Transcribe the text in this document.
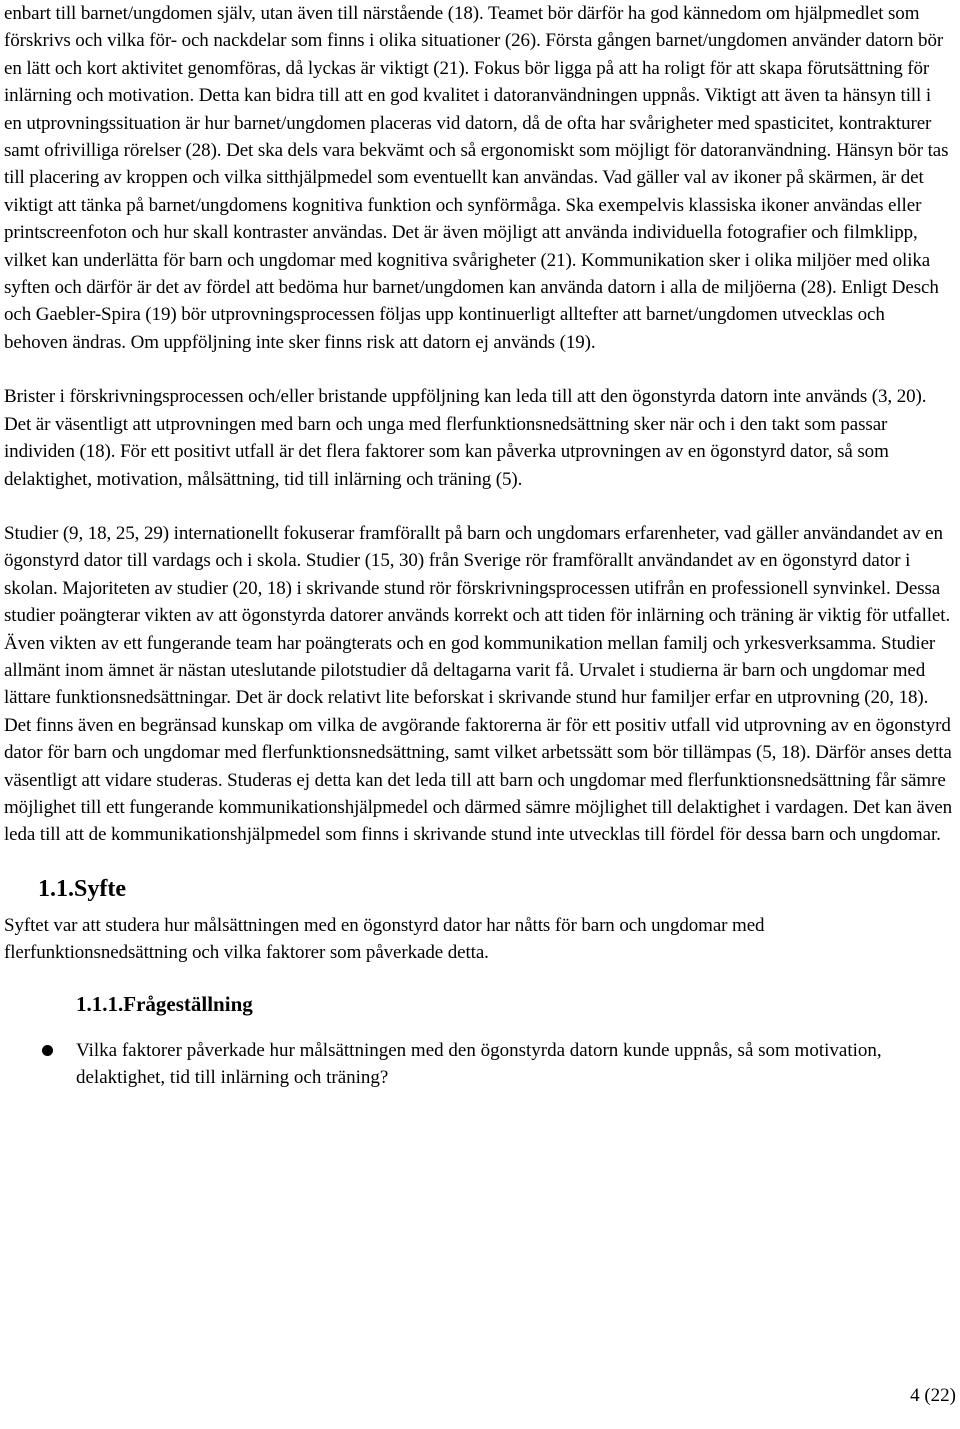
enbart till barnet/ungdomen själv, utan även till närstående (18). Teamet bör därför ha god kännedom om hjälpmedlet som förskrivs och vilka för- och nackdelar som finns i olika situationer (26). Första gången barnet/ungdomen använder datorn bör en lätt och kort aktivitet genomföras, då lyckas är viktigt (21). Fokus bör ligga på att ha roligt för att skapa förutsättning för inlärning och motivation. Detta kan bidra till att en god kvalitet i datoranvändningen uppnås. Viktigt att även ta hänsyn till i en utprovningssituation är hur barnet/ungdomen placeras vid datorn, då de ofta har svårigheter med spasticitet, kontrakturer samt ofrivilliga rörelser (28). Det ska dels vara bekvämt och så ergonomiskt som möjligt för datoranvändning. Hänsyn bör tas till placering av kroppen och vilka sitthjälpmedel som eventuellt kan användas. Vad gäller val av ikoner på skärmen, är det viktigt att tänka på barnet/ungdomens kognitiva funktion och synförmåga. Ska exempelvis klassiska ikoner användas eller printscreenfoton och hur skall kontraster användas. Det är även möjligt att använda individuella fotografier och filmklipp, vilket kan underlätta för barn och ungdomar med kognitiva svårigheter (21). Kommunikation sker i olika miljöer med olika syften och därför är det av fördel att bedöma hur barnet/ungdomen kan använda datorn i alla de miljöerna (28). Enligt Desch och Gaebler-Spira (19) bör utprovningsprocessen följas upp kontinuerligt alltefter att barnet/ungdomen utvecklas och behoven ändras. Om uppföljning inte sker finns risk att datorn ej används (19).

Brister i förskrivningsprocessen och/eller bristande uppföljning kan leda till att den ögonstyrda datorn inte används (3, 20). Det är väsentligt att utprovningen med barn och unga med flerfunktionsnedsättning sker när och i den takt som passar individen (18). För ett positivt utfall är det flera faktorer som kan påverka utprovningen av en ögonstyrd dator, så som delaktighet, motivation, målsättning, tid till inlärning och träning (5).

Studier (9, 18, 25, 29) internationellt fokuserar framförallt på barn och ungdomars erfarenheter, vad gäller användandet av en ögonstyrd dator till vardags och i skola. Studier (15, 30) från Sverige rör framförallt användandet av en ögonstyrd dator i skolan. Majoriteten av studier (20, 18) i skrivande stund rör förskrivningsprocessen utifrån en professionell synvinkel. Dessa studier poängterar vikten av att ögonstyrda datorer används korrekt och att tiden för inlärning och träning är viktig för utfallet. Även vikten av ett fungerande team har poängterats och en god kommunikation mellan familj och yrkesverksamma. Studier allmänt inom ämnet är nästan uteslutande pilotstudier då deltagarna varit få. Urvalet i studierna är barn och ungdomar med lättare funktionsnedsättningar. Det är dock relativt lite beforskat i skrivande stund hur familjer erfar en utprovning (20, 18). Det finns även en begränsad kunskap om vilka de avgörande faktorerna är för ett positiv utfall vid utprovning av en ögonstyrd dator för barn och ungdomar med flerfunktionsnedsättning, samt vilket arbetssätt som bör tillämpas (5, 18). Därför anses detta väsentligt att vidare studeras. Studeras ej detta kan det leda till att barn och ungdomar med flerfunktionsnedsättning får sämre möjlighet till ett fungerande kommunikationshjälpmedel och därmed sämre möjlighet till delaktighet i vardagen. Det kan även leda till att de kommunikationshjälpmedel som finns i skrivande stund inte utvecklas till fördel för dessa barn och ungdomar.

1.1.Syfte

Syftet var att studera hur målsättningen med en ögonstyrd dator har nåtts för barn och ungdomar med flerfunktionsnedsättning och vilka faktorer som påverkade detta.

1.1.1.Frågeställning
Vilka faktorer påverkade hur målsättningen med den ögonstyrda datorn kunde uppnås, så som motivation, delaktighet, tid till inlärning och träning?
4 (22)
